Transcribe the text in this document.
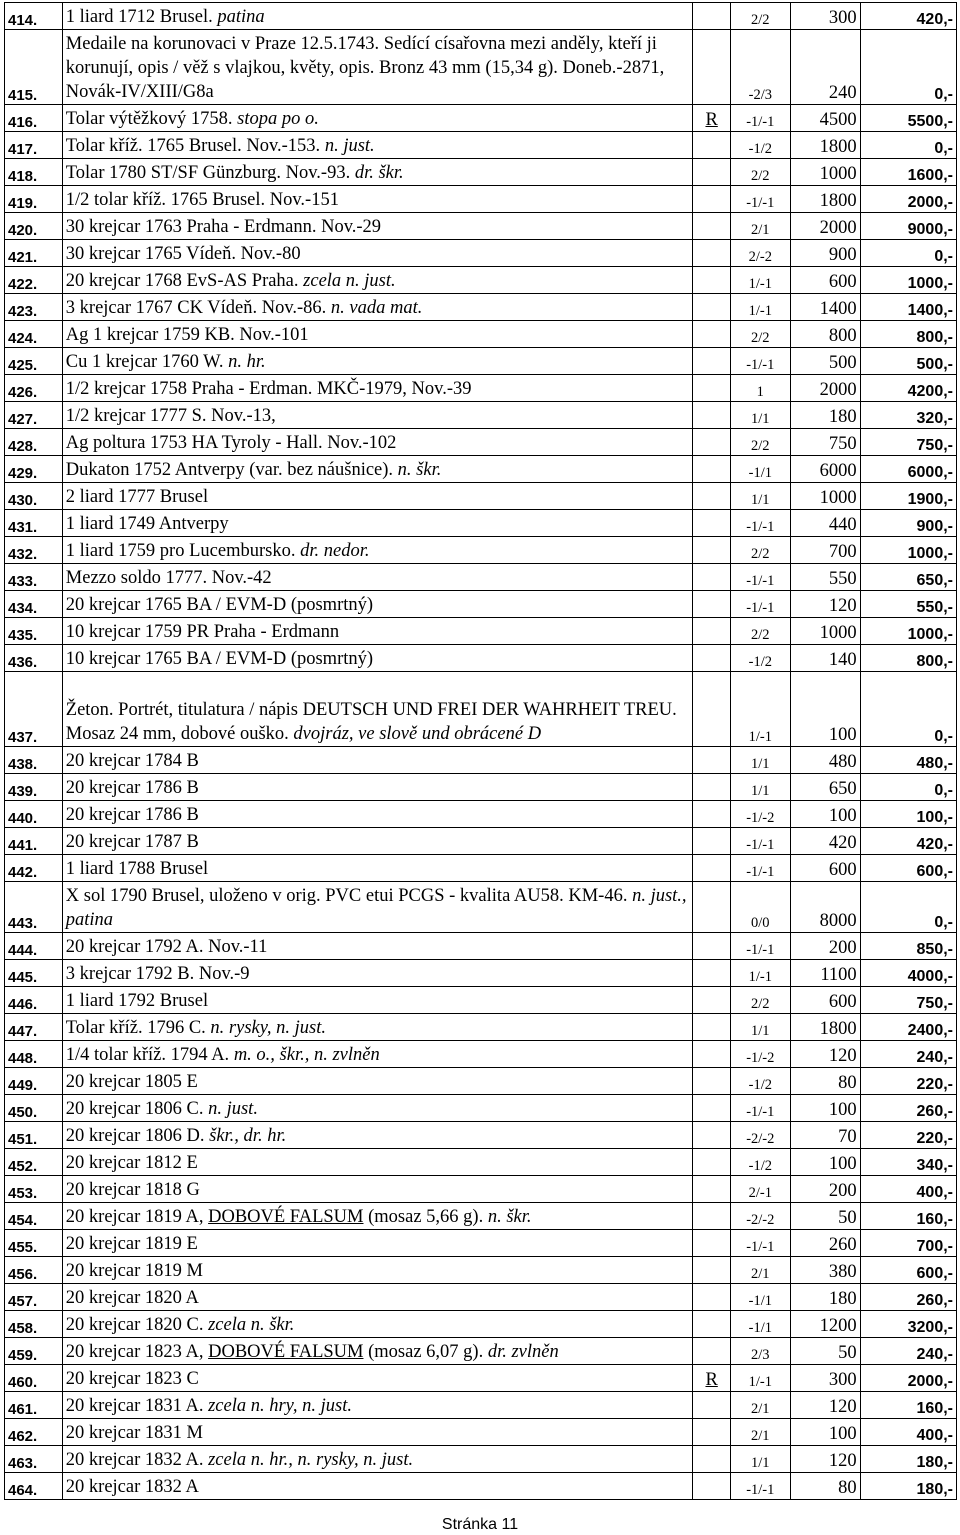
414.	1 liard 1712 Brusel. patina		2/2	300	420,-
415.	Medaile na korunovaci v Praze 12.5.1743. Sedící císařovna mezi anděly, kteří ji korunují, opis / věž s vlajkou, květy, opis. Bronz 43 mm (15,34 g). Doneb.-2871, Novák-IV/XIII/G8a		-2/3	240	0,-
416.	Tolar výtěžkový 1758. stopa po o.	R	-1/-1	4500	5500,-
417.	Tolar kříž. 1765 Brusel. Nov.-153. n. just.		-1/2	1800	0,-
418.	Tolar 1780 ST/SF Günzburg. Nov.-93. dr. škr.		2/2	1000	1600,-
419.	1/2 tolar kříž. 1765 Brusel. Nov.-151		-1/-1	1800	2000,-
420.	30 krejcar 1763 Praha - Erdmann. Nov.-29		2/1	2000	9000,-
421.	30 krejcar 1765 Vídeň. Nov.-80		2/-2	900	0,-
422.	20 krejcar 1768 EvS-AS Praha. zcela n. just.		1/-1	600	1000,-
423.	3 krejcar 1767 CK Vídeň. Nov.-86. n. vada mat.		1/-1	1400	1400,-
424.	Ag 1 krejcar 1759 KB. Nov.-101		2/2	800	800,-
425.	Cu 1 krejcar 1760 W. n. hr.		-1/-1	500	500,-
426.	1/2 krejcar 1758 Praha - Erdman. MKČ-1979, Nov.-39		1	2000	4200,-
427.	1/2 krejcar 1777 S. Nov.-13,		1/1	180	320,-
428.	Ag poltura 1753 HA Tyroly - Hall. Nov.-102		2/2	750	750,-
429.	Dukaton 1752 Antverpy (var. bez náušnice). n. škr.		-1/1	6000	6000,-
430.	2 liard 1777 Brusel		1/1	1000	1900,-
431.	1 liard 1749 Antverpy		-1/-1	440	900,-
432.	1 liard 1759 pro Lucembursko. dr. nedor.		2/2	700	1000,-
433.	Mezzo soldo 1777. Nov.-42		-1/-1	550	650,-
434.	20 krejcar 1765 BA / EVM-D (posmrtný)		-1/-1	120	550,-
435.	10 krejcar 1759 PR Praha - Erdmann		2/2	1000	1000,-
436.	10 krejcar 1765 BA / EVM-D (posmrtný)		-1/2	140	800,-
437.	Žeton. Portrét, titulatura / nápis DEUTSCH UND FREI DER WAHRHEIT TREU. Mosaz 24 mm, dobové ouško. dvojráz, ve slově und obrácené D		1/-1	100	0,-
438.	20 krejcar 1784 B		1/1	480	480,-
439.	20 krejcar 1786 B		1/1	650	0,-
440.	20 krejcar 1786 B		-1/-2	100	100,-
441.	20 krejcar 1787 B		-1/-1	420	420,-
442.	1 liard 1788 Brusel		-1/-1	600	600,-
443.	X sol 1790 Brusel, uloženo v orig. PVC etui PCGS - kvalita AU58. KM-46. n. just., patina		0/0	8000	0,-
444.	20 krejcar 1792 A. Nov.-11		-1/-1	200	850,-
445.	3 krejcar 1792 B. Nov.-9		1/-1	1100	4000,-
446.	1 liard 1792 Brusel		2/2	600	750,-
447.	Tolar kříž. 1796 C. n. rysky, n. just.		1/1	1800	2400,-
448.	1/4 tolar kříž. 1794 A. m. o., škr., n. zvlněn		-1/-2	120	240,-
449.	20 krejcar 1805 E		-1/2	80	220,-
450.	20 krejcar 1806 C. n. just.		-1/-1	100	260,-
451.	20 krejcar 1806 D. škr., dr. hr.		-2/-2	70	220,-
452.	20 krejcar 1812 E		-1/2	100	340,-
453.	20 krejcar 1818 G		2/-1	200	400,-
454.	20 krejcar 1819 A, DOBOVÉ FALSUM (mosaz 5,66 g). n. škr.		-2/-2	50	160,-
455.	20 krejcar 1819 E		-1/-1	260	700,-
456.	20 krejcar 1819 M		2/1	380	600,-
457.	20 krejcar 1820 A		-1/1	180	260,-
458.	20 krejcar 1820 C. zcela n. škr.		-1/1	1200	3200,-
459.	20 krejcar 1823 A, DOBOVÉ FALSUM (mosaz 6,07 g). dr. zvlněn		2/3	50	240,-
460.	20 krejcar 1823 C	R	1/-1	300	2000,-
461.	20 krejcar 1831 A. zcela n. hry, n. just.		2/1	120	160,-
462.	20 krejcar 1831 M		2/1	100	400,-
463.	20 krejcar 1832 A. zcela n. hr., n. rysky, n. just.		1/1	120	180,-
464.	20 krejcar 1832 A		-1/-1	80	180,-
Stránka 11
